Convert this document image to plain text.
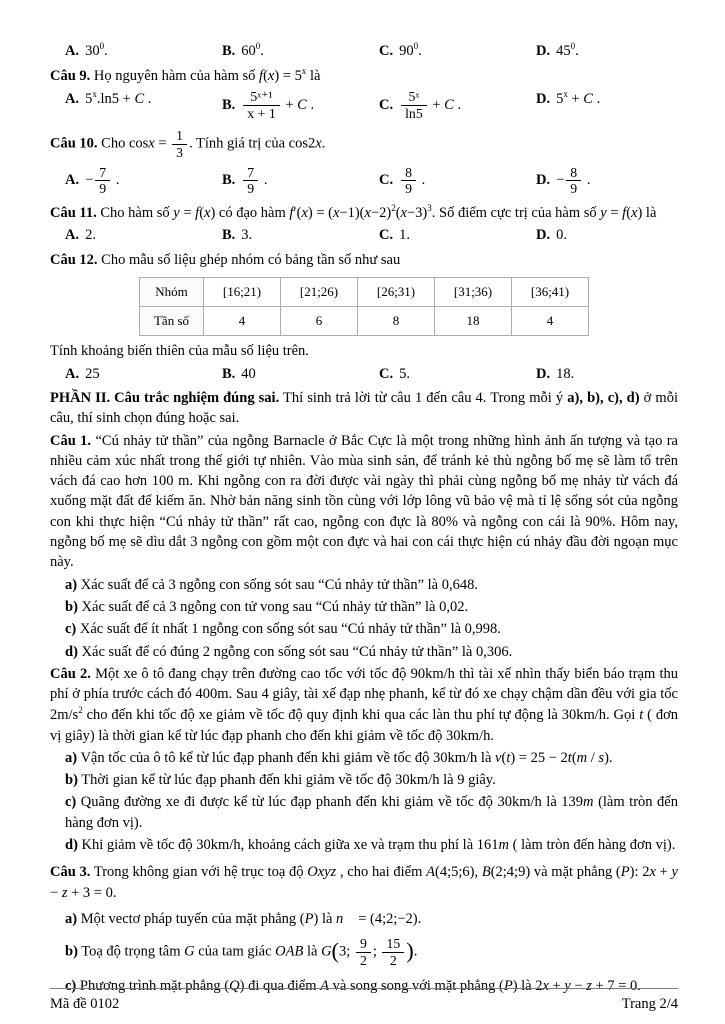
A. $30^0$.	B. $60^0$.	C. $90^0$.	D. $45^0$.

Câu 9. Họ nguyên hàm của hàm số $f(x) = 5^x$ là

A. $5^x.\ln 5 + C$ .	B. $\frac{\text{5ˣ⁺¹}}{x + 1} + C$ .	C. $\frac{\text{5ˣ}}{\ln 5} + C$ .	D. $5^x + C$ .

Câu 10. Cho $\cos x = \frac{1}{3}$ . Tính giá trị của cos2x.

A. − $\frac{7}{9}$ .	B. $\frac{7}{9}$ .	C. $\frac{8}{9}$ .	D. − $\frac{8}{9}$ .

Câu 11. Cho hàm số y = f(x) có đạo hàm $f'(x) = (x-1)(x-2)^2(x-3)^3$. Số điểm cực trị của hàm số y = f(x) là

A. 2.	B. 3.	C. 1.	D. 0.

Câu 12. Cho mẫu số liệu ghép nhóm có bảng tần số như sau

Nhóm	[16;21)	[21;26)	[26;31)	[31;36)	[36;41)
Tần số	4	6	8	18	4

Tính khoảng biến thiên của mẫu số liệu trên.

A. 25	B. 40	C. 5.	D. 18.

PHẦN II. Câu trắc nghiệm đúng sai. Thí sinh trả lời từ câu 1 đến câu 4. Trong mỗi ý a), b), c), d) ở mỗi câu, thí sinh chọn đúng hoặc sai.

Câu 1. “Cú nhảy tử thần” của ngỗng Barnacle ở Bắc Cực là một trong những hình ảnh ấn tượng và tạo ra nhiều cảm xúc nhất trong thế giới tự nhiên. Vào mùa sinh sản, để tránh kẻ thù ngỗng bố mẹ sẽ làm tổ trên vách đá cao hơn 100 m. Khi ngỗng con ra đời được vài ngày thì phải cùng ngỗng bố mẹ nhảy từ vách đá xuống mặt đất để kiếm ăn. Nhờ bản năng sinh tồn cùng với lớp lông vũ bảo vệ mà tỉ lệ sống sót của ngỗng con khi thực hiện “Cú nhảy tử thần” rất cao, ngỗng con đực là 80% và ngỗng con cái là 90%. Hôm nay, ngỗng bố mẹ sẽ dìu dắt 3 ngỗng con gồm một con đực và hai con cái thực hiện cú nhảy đầu đời ngoạn mục này.

a) Xác suất để cả 3 ngỗng con sống sót sau “Cú nhảy tử thần” là 0,648.

b) Xác suất để cả 3 ngỗng con tử vong sau “Cú nhảy tử thần” là 0,02.

c) Xác suất để ít nhất 1 ngỗng con sống sót sau “Cú nhảy tử thần” là 0,998.

d) Xác suất để có đúng 2 ngỗng con sống sót sau “Cú nhảy tử thần” là 0,306.

Câu 2. Một xe ô tô đang chạy trên đường cao tốc với tốc độ 90km/h thì tài xế nhìn thấy biển báo trạm thu phí ở phía trước cách đó 400m. Sau 4 giây, tài xế đạp nhẹ phanh, kể từ đó xe chạy chậm dần đều với gia tốc $2m/s^2$ cho đến khi tốc độ xe giảm về tốc độ quy định khi qua các làn thu phí tự động là 30km/h. Gọi t ( đơn vị giây) là thời gian kể từ lúc đạp phanh cho đến khi giảm về tốc độ 30km/h.

a) Vận tốc của ô tô kể từ lúc đạp phanh đến khi giảm về tốc độ 30km/h là v(t) = 25 − 2t(m / s).

b) Thời gian kể từ lúc đạp phanh đến khi giảm về tốc độ 30km/h là 9 giây.

c) Quãng đường xe đi được kể từ lúc đạp phanh đến khi giảm về tốc độ 30km/h là 139m (làm tròn đến hàng đơn vị).

d) Khi giảm về tốc độ 30km/h, khoảng cách giữa xe và trạm thu phí là 161m ( làm tròn đến hàng đơn vị).

Câu 3. Trong không gian với hệ trục toạ độ Oxyz , cho hai điểm A(4;5;6), B(2;4;9) và mặt phẳng (P): 2x + y − z + 3 = 0.

a) Một vectơ pháp tuyến của mặt phẳng (P) là n⃗ = (4;2;−2).

b) Toạ độ trọng tâm G của tam giác OAB là G(3; $\frac{9}{2}$ ; $\frac{15}{2}$ ).

c) Phương trình mặt phẳng (Q) đi qua điểm A và song song với mặt phẳng (P) là 2x + y − z + 7 = 0.

Mã đề 0102	Trang 2/4
